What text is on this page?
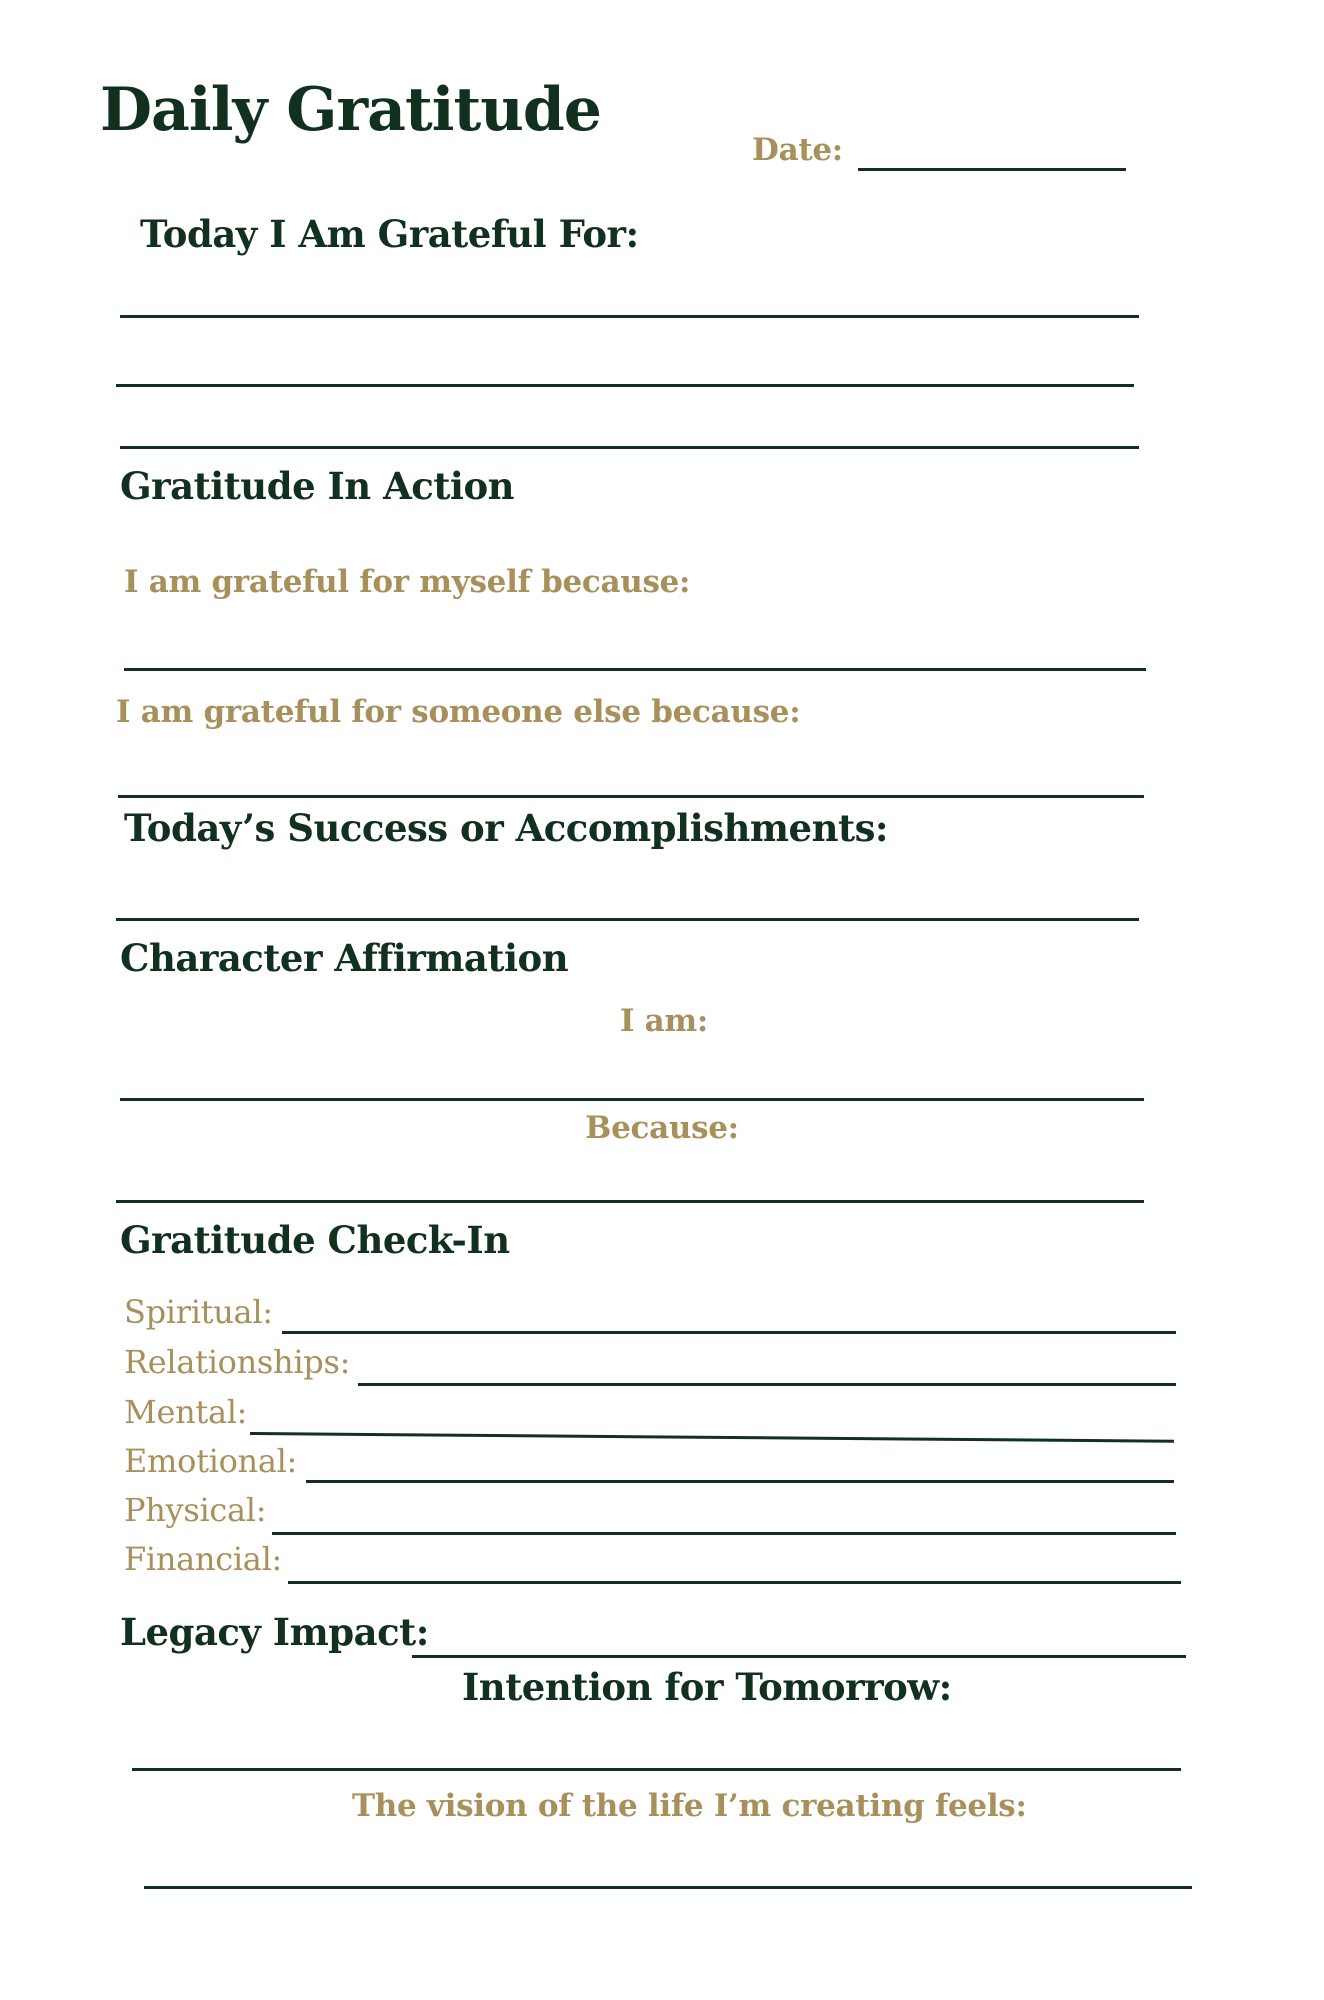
Daily Gratitude
Date:
Today I Am Grateful For:
Gratitude In Action
I am grateful for myself because:
I am grateful for someone else because:
Today’s Success or Accomplishments:
Character Affirmation
I am:
Because:
Gratitude Check-In
Spiritual:
Relationships:
Mental:
Emotional:
Physical:
Financial:
Legacy Impact:
Intention for Tomorrow:
The vision of the life I’m creating feels:
